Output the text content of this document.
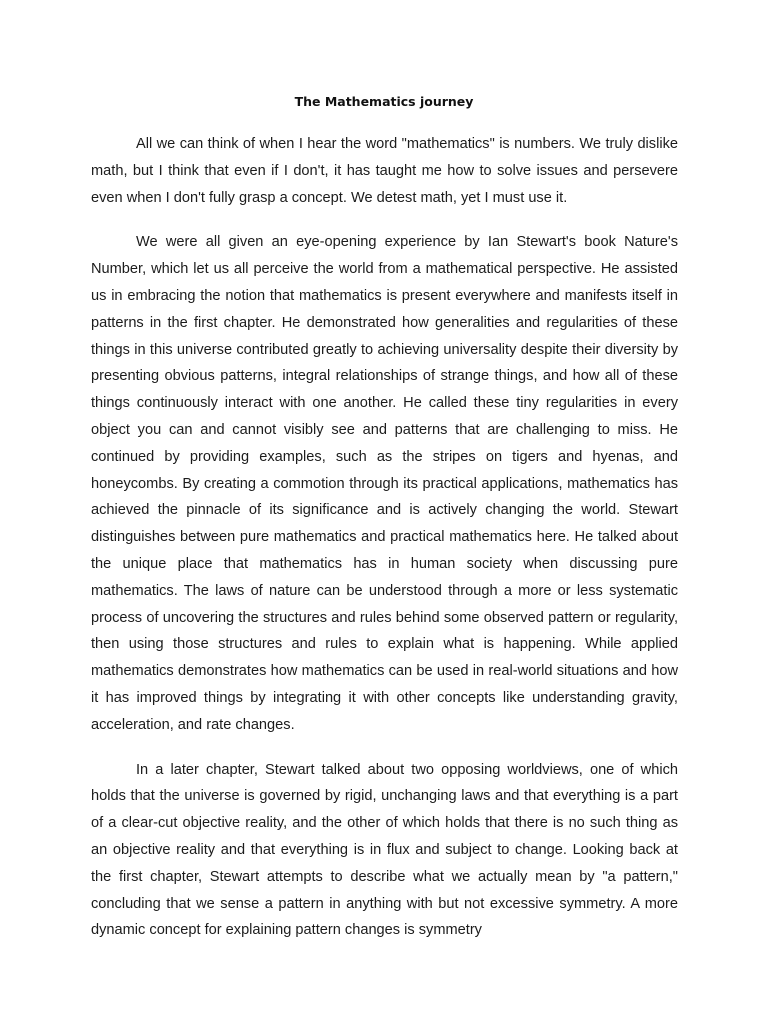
The Mathematics journey

All we can think of when I hear the word "mathematics" is numbers. We truly dislike math, but I think that even if I don't, it has taught me how to solve issues and persevere even when I don't fully grasp a concept. We detest math, yet I must use it.

We were all given an eye-opening experience by Ian Stewart's book Nature's Number, which let us all perceive the world from a mathematical perspective. He assisted us in embracing the notion that mathematics is present everywhere and manifests itself in patterns in the first chapter. He demonstrated how generalities and regularities of these things in this universe contributed greatly to achieving universality despite their diversity by presenting obvious patterns, integral relationships of strange things, and how all of these things continuously interact with one another. He called these tiny regularities in every object you can and cannot visibly see and patterns that are challenging to miss. He continued by providing examples, such as the stripes on tigers and hyenas, and honeycombs. By creating a commotion through its practical applications, mathematics has achieved the pinnacle of its significance and is actively changing the world. Stewart distinguishes between pure mathematics and practical mathematics here. He talked about the unique place that mathematics has in human society when discussing pure mathematics. The laws of nature can be understood through a more or less systematic process of uncovering the structures and rules behind some observed pattern or regularity, then using those structures and rules to explain what is happening. While applied mathematics demonstrates how mathematics can be used in real-world situations and how it has improved things by integrating it with other concepts like understanding gravity, acceleration, and rate changes.

In a later chapter, Stewart talked about two opposing worldviews, one of which holds that the universe is governed by rigid, unchanging laws and that everything is a part of a clear-cut objective reality, and the other of which holds that there is no such thing as an objective reality and that everything is in flux and subject to change. Looking back at the first chapter, Stewart attempts to describe what we actually mean by "a pattern," concluding that we sense a pattern in anything with but not excessive symmetry. A more dynamic concept for explaining pattern changes is symmetry
